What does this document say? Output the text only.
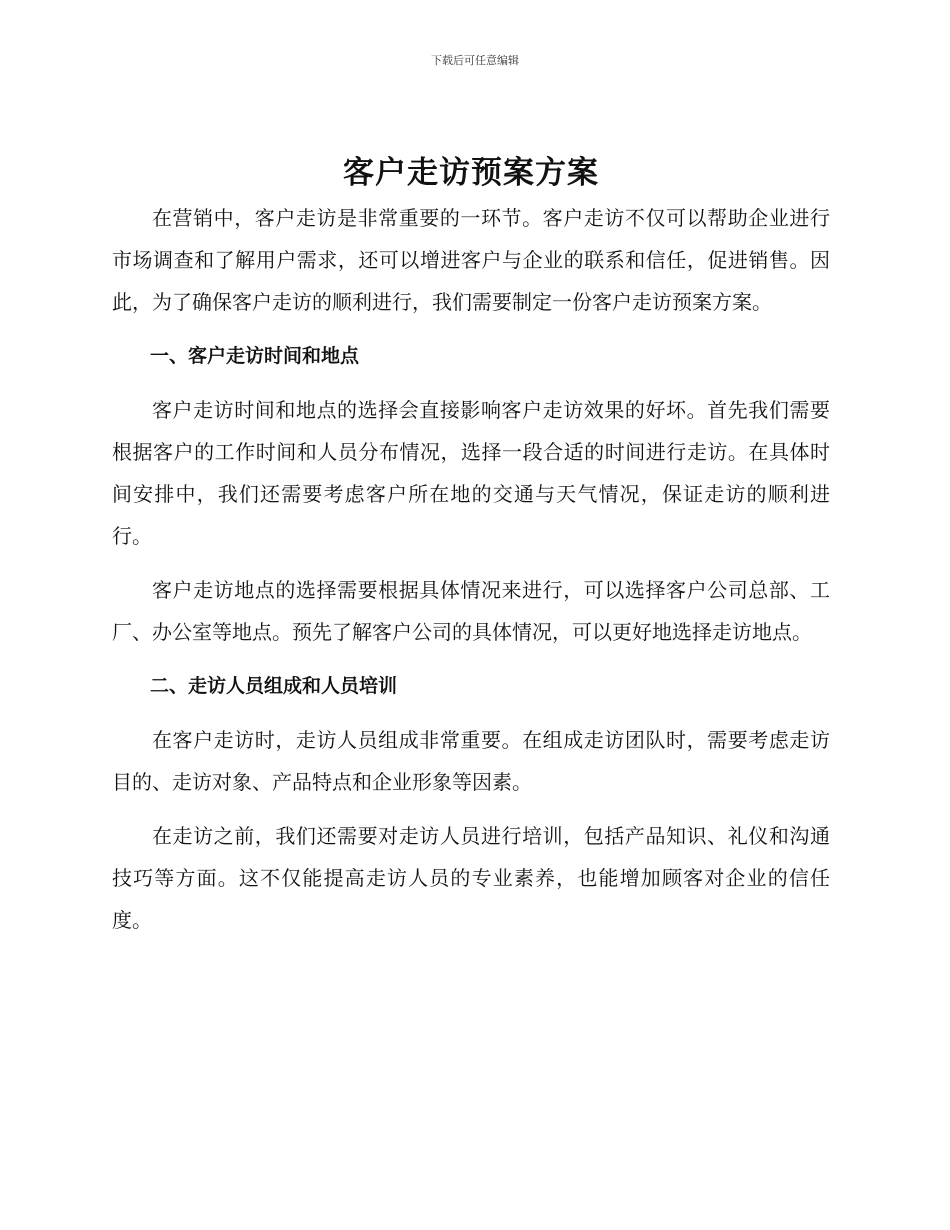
下载后可任意编辑
客户走访预案方案

在营销中，客户走访是非常重要的一环节。客户走访不仅可以帮助企业进行市场调查和了解用户需求，还可以增进客户与企业的联系和信任，促进销售。因此，为了确保客户走访的顺利进行，我们需要制定一份客户走访预案方案。

一、客户走访时间和地点

客户走访时间和地点的选择会直接影响客户走访效果的好坏。首先我们需要根据客户的工作时间和人员分布情况，选择一段合适的时间进行走访。在具体时间安排中，我们还需要考虑客户所在地的交通与天气情况，保证走访的顺利进行。

客户走访地点的选择需要根据具体情况来进行，可以选择客户公司总部、工厂、办公室等地点。预先了解客户公司的具体情况，可以更好地选择走访地点。

二、走访人员组成和人员培训

在客户走访时，走访人员组成非常重要。在组成走访团队时，需要考虑走访目的、走访对象、产品特点和企业形象等因素。

在走访之前，我们还需要对走访人员进行培训，包括产品知识、礼仪和沟通技巧等方面。这不仅能提高走访人员的专业素养，也能增加顾客对企业的信任度。
